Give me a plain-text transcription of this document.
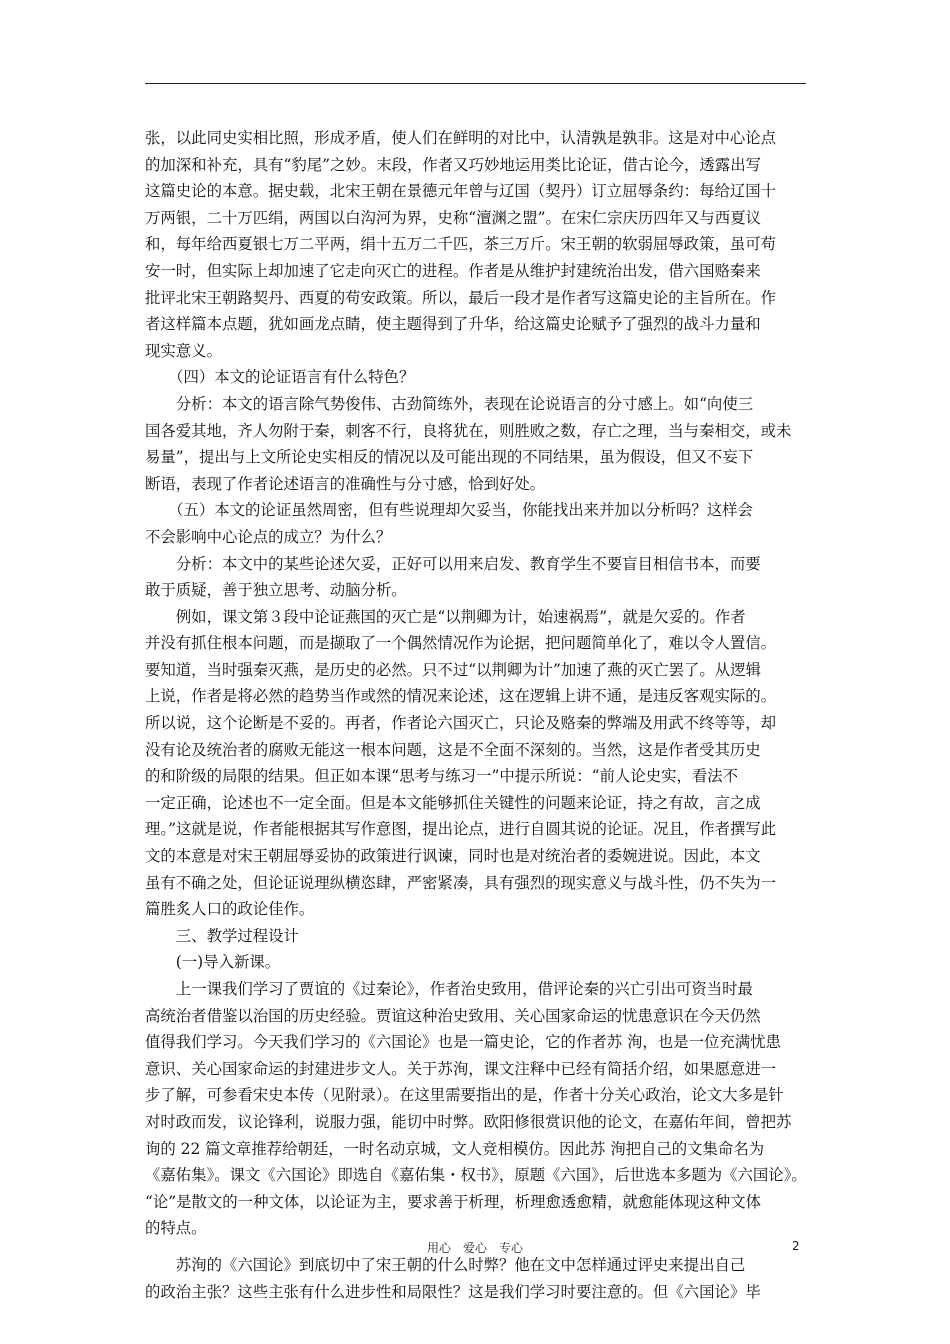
张，以此同史实相比照，形成矛盾，使人们在鲜明的对比中，认清孰是孰非。这是对中心论点
的加深和补充，具有“豹尾”之妙。末段，作者又巧妙地运用类比论证，借古论今，透露出写
这篇史论的本意。据史载，北宋王朝在景德元年曾与辽国（契丹）订立屈辱条约：每给辽国十
万两银，二十万匹绢，两国以白沟河为界，史称“澶渊之盟”。在宋仁宗庆历四年又与西夏议
和，每年给西夏银七万二平两，绢十五万二千匹，茶三万斤。宋王朝的软弱屈辱政策，虽可苟
安一时，但实际上却加速了它走向灭亡的进程。作者是从维护封建统治出发，借六国赂秦来
批评北宋王朝路契丹、西夏的苟安政策。所以，最后一段才是作者写这篇史论的主旨所在。作
者这样篇本点题，犹如画龙点睛，使主题得到了升华，给这篇史论赋予了强烈的战斗力量和
现实意义。
　　（四）本文的论证语言有什么特色？
　　分析：本文的语言除气势俊伟、古劲简练外，表现在论说语言的分寸感上。如“向使三
国各爱其地，齐人勿附于秦，刺客不行，良将犹在，则胜败之数，存亡之理，当与秦相交，或未
易量”，提出与上文所论史实相反的情况以及可能出现的不同结果，虽为假设，但又不妄下
断语，表现了作者论述语言的准确性与分寸感，恰到好处。
　　（五）本文的论证虽然周密，但有些说理却欠妥当，你能找出来并加以分析吗？这样会
不会影响中心论点的成立？为什么？
　　分析：本文中的某些论述欠妥，正好可以用来启发、教育学生不要盲目相信书本，而要
敢于质疑，善于独立思考、动脑分析。
　　例如，课文第３段中论证燕国的灭亡是“以荆卿为计，始速祸焉”，就是欠妥的。作者
并没有抓住根本问题，而是撷取了一个偶然情况作为论据，把问题简单化了，难以令人置信。
要知道，当时强秦灭燕，是历史的必然。只不过“以荆卿为计”加速了燕的灭亡罢了。从逻辑
上说，作者是将必然的趋势当作或然的情况来论述，这在逻辑上讲不通，是违反客观实际的。
所以说，这个论断是不妥的。再者，作者论六国灭亡，只论及赂秦的弊端及用武不终等等，却
没有论及统治者的腐败无能这一根本问题，这是不全面不深刻的。当然，这是作者受其历史
的和阶级的局限的结果。但正如本课“思考与练习一”中提示所说：“前人论史实，看法不
一定正确，论述也不一定全面。但是本文能够抓住关键性的问题来论证，持之有故，言之成
理。”这就是说，作者能根据其写作意图，提出论点，进行自圆其说的论证。况且，作者撰写此
文的本意是对宋王朝屈辱妥协的政策进行讽谏，同时也是对统治者的委婉进说。因此，本文
虽有不确之处，但论证说理纵横恣肆，严密紧凑，具有强烈的现实意义与战斗性，仍不失为一
篇胜炙人口的政论佳作。
　　三、教学过程设计
　　(一)导入新课。
　　上一课我们学习了贾谊的《过秦论》，作者治史致用，借评论秦的兴亡引出可资当时最
高统治者借鉴以治国的历史经验。贾谊这种治史致用、关心国家命运的忧患意识在今天仍然
值得我们学习。今天我们学习的《六国论》也是一篇史论，它的作者苏 洵，也是一位充满忧患
意识、关心国家命运的封建进步文人。关于苏洵，课文注释中已经有简括介绍，如果愿意进一
步了解，可参看宋史本传（见附录）。在这里需要指出的是，作者十分关心政治，论文大多是针
对时政而发，议论锋利，说服力强，能切中时弊。欧阳修很赏识他的论文，在嘉佑年间，曾把苏
询的 22 篇文章推荐给朝廷，一时名动京城，文人竞相模仿。因此苏 洵把自己的文集命名为
《嘉佑集》。课文《六国论》即选自《嘉佑集・权书》，原题《六国》，后世选本多题为《六国论》。
“论”是散文的一种文体，以论证为主，要求善于析理，析理愈透愈精，就愈能体现这种文体
的特点。
　　苏洵的《六国论》到底切中了宋王朝的什么时弊？他在文中怎样通过评史来提出自己
的政治主张？这些主张有什么进步性和局限性？这是我们学习时要注意的。但《六国论》毕
用心　爱心　专心	2
